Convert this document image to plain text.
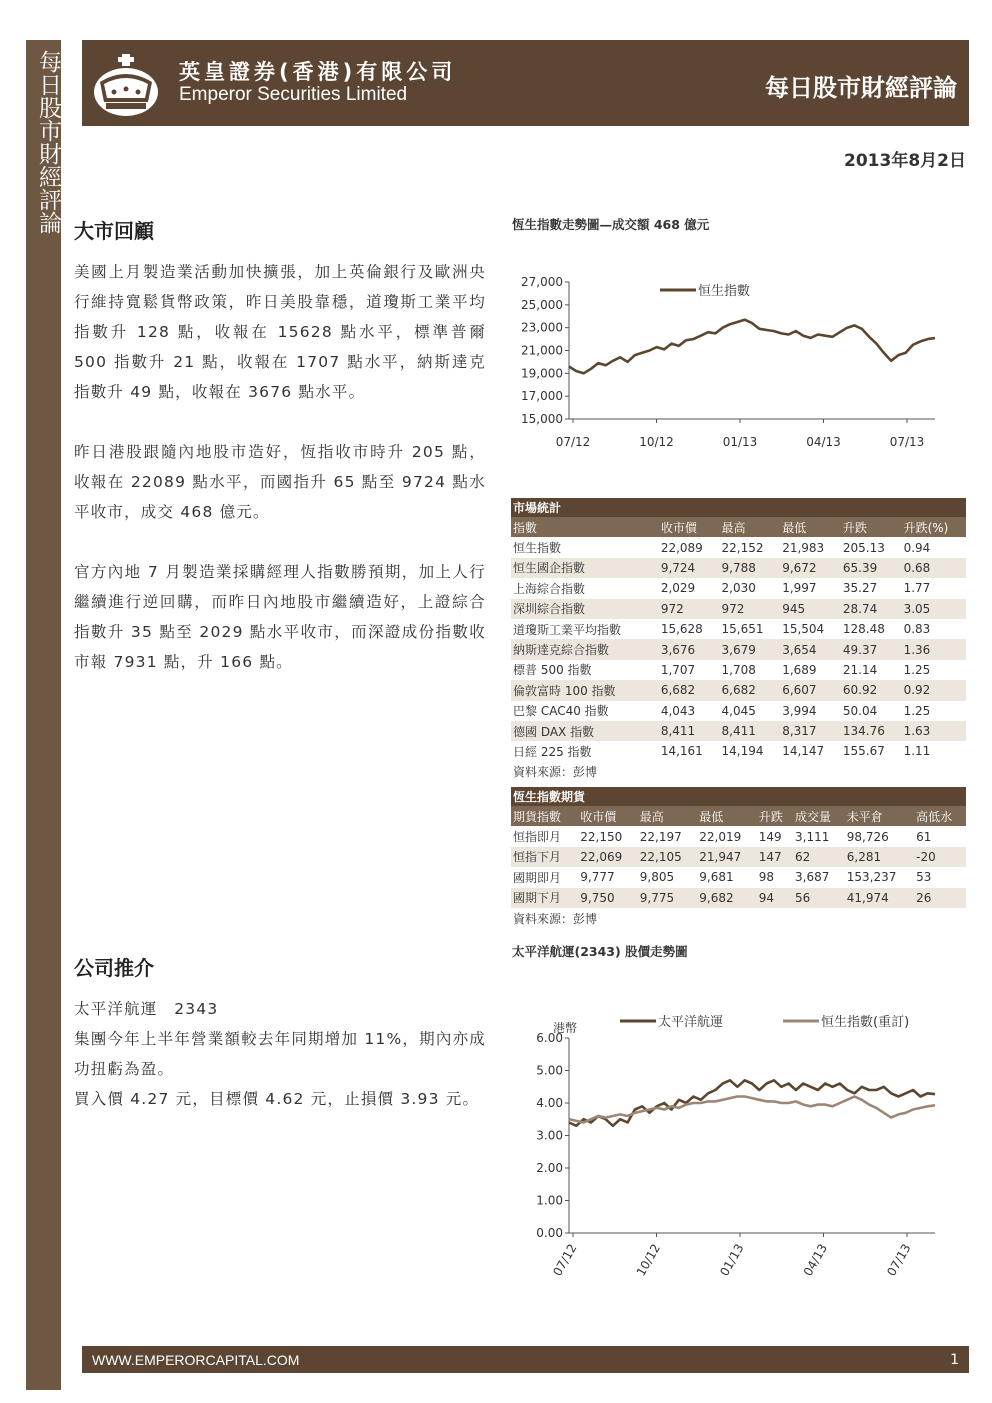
每日股市財經評論	英皇證券(香港)有限公司
Emperor Securities Limited	每日股市財經評論
2013年8月2日
大市回顧
美國上月製造業活動加快擴張，加上英倫銀行及歐洲央行維持寬鬆貨幣政策，昨日美股靠穩，道瓊斯工業平均指數升 128 點，收報在 15628 點水平，標準普爾 500 指數升 21 點，收報在 1707 點水平，納斯達克指數升 49 點，收報在 3676 點水平。
昨日港股跟隨內地股市造好，恆指收市時升 205 點，收報在 22089 點水平，而國指升 65 點至 9724 點水平收市，成交 468 億元。
官方內地 7 月製造業採購經理人指數勝預期，加上人行繼續進行逆回購，而昨日內地股市繼續造好，上證綜合指數升 35 點至 2029 點水平收市，而深證成份指數收市報 7931 點，升 166 點。
公司推介
太平洋航運　2343
集團今年上半年營業額較去年同期增加 11%，期內亦成功扭虧為盈。
買入價 4.27 元，目標價 4.62 元，止損價 3.93 元。
恆生指數走勢圖—成交額 468 億元
15,000
17,000
19,000
21,000
23,000
25,000
27,000
07/12	10/12	01/13	04/13	07/13
恒生指數
市場統計					
指數	收市價	最高	最低	升跌	升跌(%)
恒生指數	22,089	22,152	21,983	205.13	0.94
恒生國企指數	9,724	9,788	9,672	65.39	0.68
上海綜合指數	2,029	2,030	1,997	35.27	1.77
深圳綜合指數	972	972	945	28.74	3.05
道瓊斯工業平均指數	15,628	15,651	15,504	128.48	0.83
納斯達克綜合指數	3,676	3,679	3,654	49.37	1.36
標普 500 指數	1,707	1,708	1,689	21.14	1.25
倫敦富時 100 指數	6,682	6,682	6,607	60.92	0.92
巴黎 CAC40 指數	4,043	4,045	3,994	50.04	1.25
德國 DAX 指數	8,411	8,411	8,317	134.76	1.63
日經 225 指數	14,161	14,194	14,147	155.67	1.11
資料來源：彭博					
恆生指數期貨							
期貨指數	收市價	最高	最低	升跌	成交量	未平倉	高低水
恒指即月	22,150	22,197	22,019	149	3,111	98,726	61
恒指下月	22,069	22,105	21,947	147	62	6,281	-20
國期即月	9,777	9,805	9,681	98	3,687	153,237	53
國期下月	9,750	9,775	9,682	94	56	41,974	26
資料來源：彭博							
太平洋航運(2343) 股價走勢圖
0.00
1.00
2.00
3.00
4.00
5.00
6.00
07/12	10/12	01/13	04/13	07/13
港幣	太平洋航運	恒生指數(重訂)
WWW.EMPERORCAPITAL.COM	1
